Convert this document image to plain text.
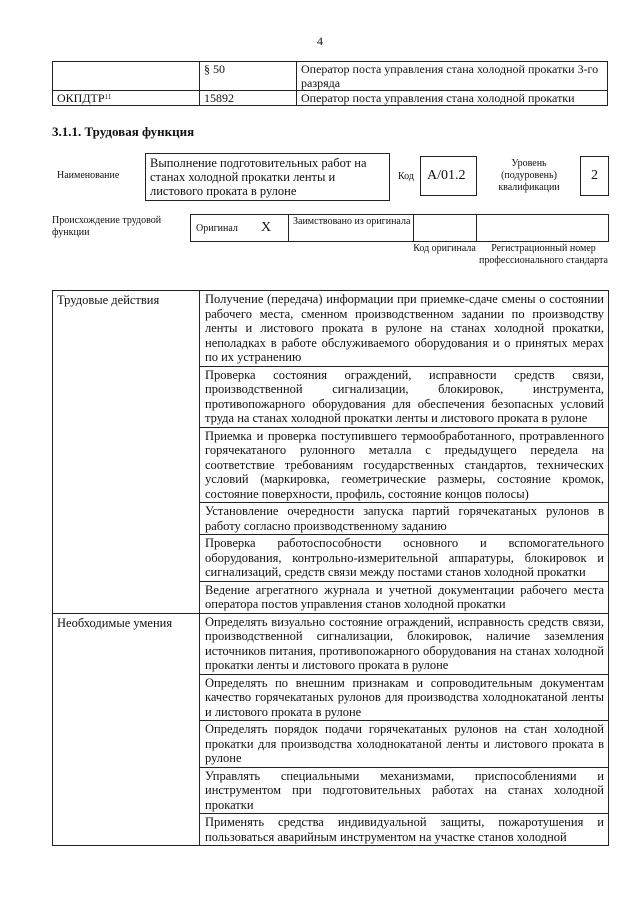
4
	§ 50	Оператор поста управления стана холодной прокатки 3-го разряда
ОКПДТР$^{11}$	15892	Оператор поста управления стана холодной прокатки
3.1.1. Трудовая функция
Наименование
Выполнение подготовительных работ на станах холодной прокатки ленты и листового проката в рулоне
Код A/01.2
Уровень (подуровень) квалификации
2
Происхождение трудовой функции	Оригинал X Заимствовано из оригинала
Код оригинала	Регистрационный номер профессионального стандарта
Трудовые действия	Получение (передача) информации при приемке-сдаче смены о состоянии рабочего места, сменном производственном задании по производству ленты и листового проката в рулоне на станах холодной прокатки, неполадках в работе обслуживаемого оборудования и о принятых мерах по их устранению
	Проверка состояния ограждений, исправности средств связи, производственной сигнализации, блокировок, инструмента, противопожарного оборудования для обеспечения безопасных условий труда на станах холодной прокатки ленты и листового проката в рулоне
	Приемка и проверка поступившего термообработанного, протравленного горячекатаного рулонного металла с предыдущего передела на соответствие требованиям государственных стандартов, технических условий (маркировка, геометрические размеры, состояние кромок, состояние поверхности, профиль, состояние концов полосы)
	Установление очередности запуска партий горячекатаных рулонов в работу согласно производственному заданию
	Проверка работоспособности основного и вспомогательного оборудования, контрольно-измерительной аппаратуры, блокировок и сигнализаций, средств связи между постами станов холодной прокатки
	Ведение агрегатного журнала и учетной документации рабочего места оператора постов управления станов холодной прокатки
Необходимые умения	Определять визуально состояние ограждений, исправность средств связи, производственной сигнализации, блокировок, наличие заземления источников питания, противопожарного оборудования на станах холодной прокатки ленты и листового проката в рулоне
	Определять по внешним признакам и сопроводительным документам качество горячекатаных рулонов для производства холоднокатаной ленты и листового проката в рулоне
	Определять порядок подачи горячекатаных рулонов на стан холодной прокатки для производства холоднокатаной ленты и листового проката в рулоне
	Управлять специальными механизмами, приспособлениями и инструментом при подготовительных работах на станах холодной прокатки
	Применять средства индивидуальной защиты, пожаротушения и пользоваться аварийным инструментом на участке станов холодной
